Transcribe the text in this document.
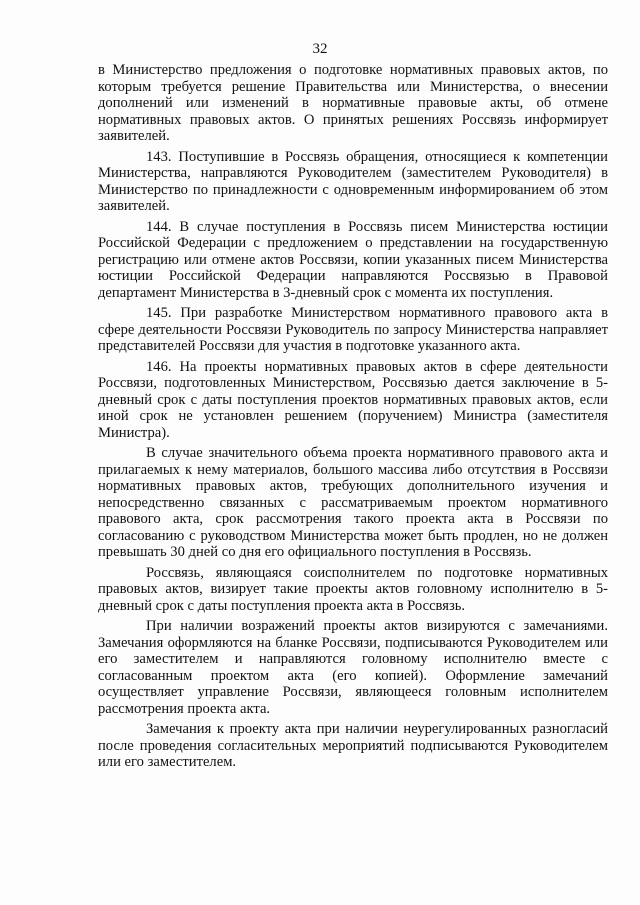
32

в Министерство предложения о подготовке нормативных правовых актов, по которым требуется решение Правительства или Министерства, о внесении дополнений или изменений в нормативные правовые акты, об отмене нормативных правовых актов. О принятых решениях Россвязь информирует заявителей.

143. Поступившие в Россвязь обращения, относящиеся к компетенции Министерства, направляются Руководителем (заместителем Руководителя) в Министерство по принадлежности с одновременным информированием об этом заявителей.

144. В случае поступления в Россвязь писем Министерства юстиции Российской Федерации с предложением о представлении на государственную регистрацию или отмене актов Россвязи, копии указанных писем Министерства юстиции Российской Федерации направляются Россвязью в Правовой департамент Министерства в 3-дневный срок с момента их поступления.

145. При разработке Министерством нормативного правового акта в сфере деятельности Россвязи Руководитель по запросу Министерства направляет представителей Россвязи для участия в подготовке указанного акта.

146. На проекты нормативных правовых актов в сфере деятельности Россвязи, подготовленных Министерством, Россвязью дается заключение в 5-дневный срок с даты поступления проектов нормативных правовых актов, если иной срок не установлен решением (поручением) Министра (заместителя Министра).

В случае значительного объема проекта нормативного правового акта и прилагаемых к нему материалов, большого массива либо отсутствия в Россвязи нормативных правовых актов, требующих дополнительного изучения и непосредственно связанных с рассматриваемым проектом нормативного правового акта, срок рассмотрения такого проекта акта в Россвязи по согласованию с руководством Министерства может быть продлен, но не должен превышать 30 дней со дня его официального поступления в Россвязь.

Россвязь, являющаяся соисполнителем по подготовке нормативных правовых актов, визирует такие проекты актов головному исполнителю в 5-дневный срок с даты поступления проекта акта в Россвязь.

При наличии возражений проекты актов визируются с замечаниями. Замечания оформляются на бланке Россвязи, подписываются Руководителем или его заместителем и направляются головному исполнителю вместе с согласованным проектом акта (его копией). Оформление замечаний осуществляет управление Россвязи, являющееся головным исполнителем рассмотрения проекта акта.

Замечания к проекту акта при наличии неурегулированных разногласий после проведения согласительных мероприятий подписываются Руководителем или его заместителем.
